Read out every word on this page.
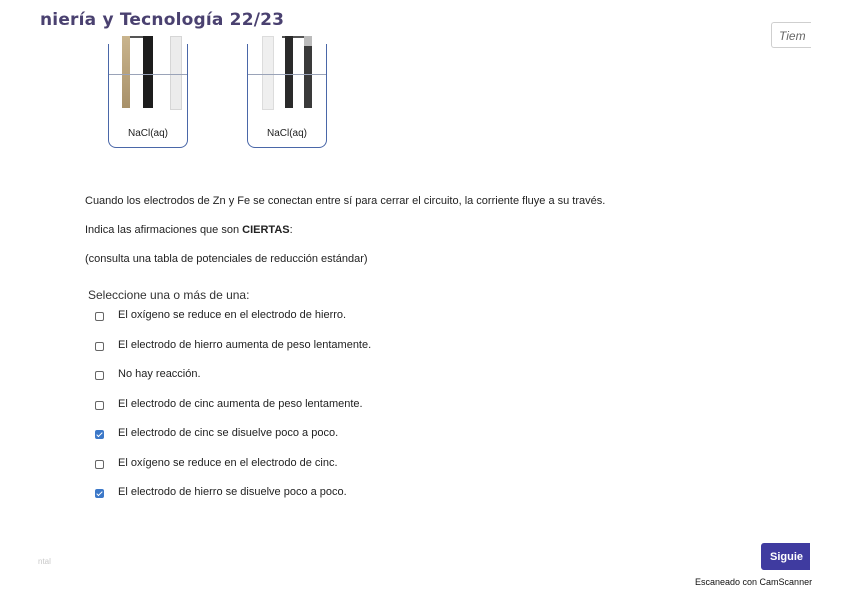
niería y Tecnología 22/23
Tiem
NaCl(aq)	NaCl(aq)

Cuando los electrodos de Zn y Fe se conectan entre sí para cerrar el circuito, la corriente fluye a su través.

Indica las afirmaciones que son CIERTAS:

(consulta una tabla de potenciales de reducción estándar)

Seleccione una o más de una:
El oxígeno se reduce en el electrodo de hierro.
El electrodo de hierro aumenta de peso lentamente.
No hay reacción.
El electrodo de cinc aumenta de peso lentamente.
El electrodo de cinc se disuelve poco a poco.
El oxígeno se reduce en el electrodo de cinc.
El electrodo de hierro se disuelve poco a poco.
ntal	Siguie
Escaneado con CamScanner
